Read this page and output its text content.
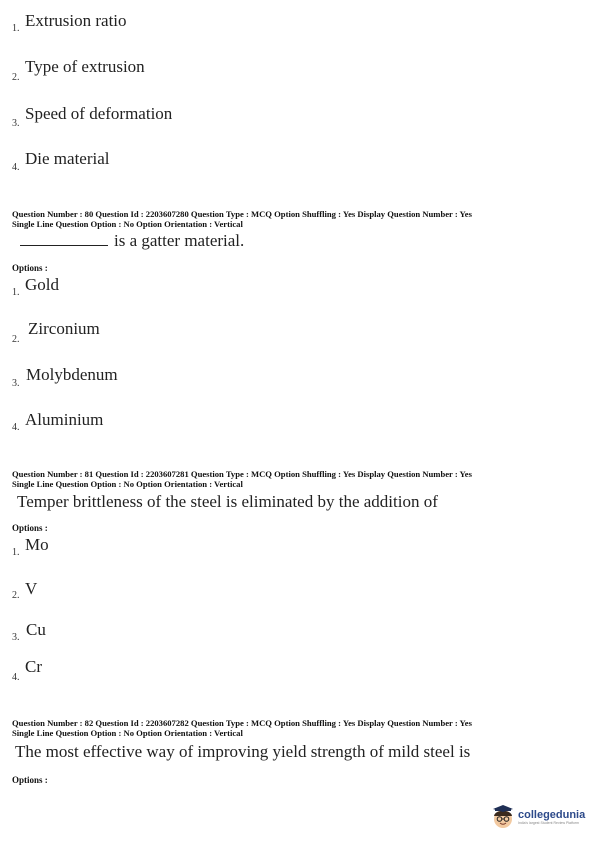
1. Extrusion ratio
2.
Type of extrusion
3.
Speed of deformation
4. Die material
Question Number : 80 Question Id : 2203607280 Question Type : MCQ Option Shuffling : Yes Display Question Number : Yes
Single Line Question Option : No Option Orientation : Vertical
is a gatter material.
Options :
1. Gold
2.
Zirconium
3. Molybdenum
4. Aluminium
Question Number : 81 Question Id : 2203607281 Question Type : MCQ Option Shuffling : Yes Display Question Number : Yes
Single Line Question Option : No Option Orientation : Vertical
Temper brittleness of the steel is eliminated by the addition of
Options :
1. Mo
2. V
3. Cu
4.
Cr
Question Number : 82 Question Id : 2203607282 Question Type : MCQ Option Shuffling : Yes Display Question Number : Yes
Single Line Question Option : No Option Orientation : Vertical
The most effective way of improving yield strength of mild steel is
Options :
collegedunia
India's largest Student Review Platform
